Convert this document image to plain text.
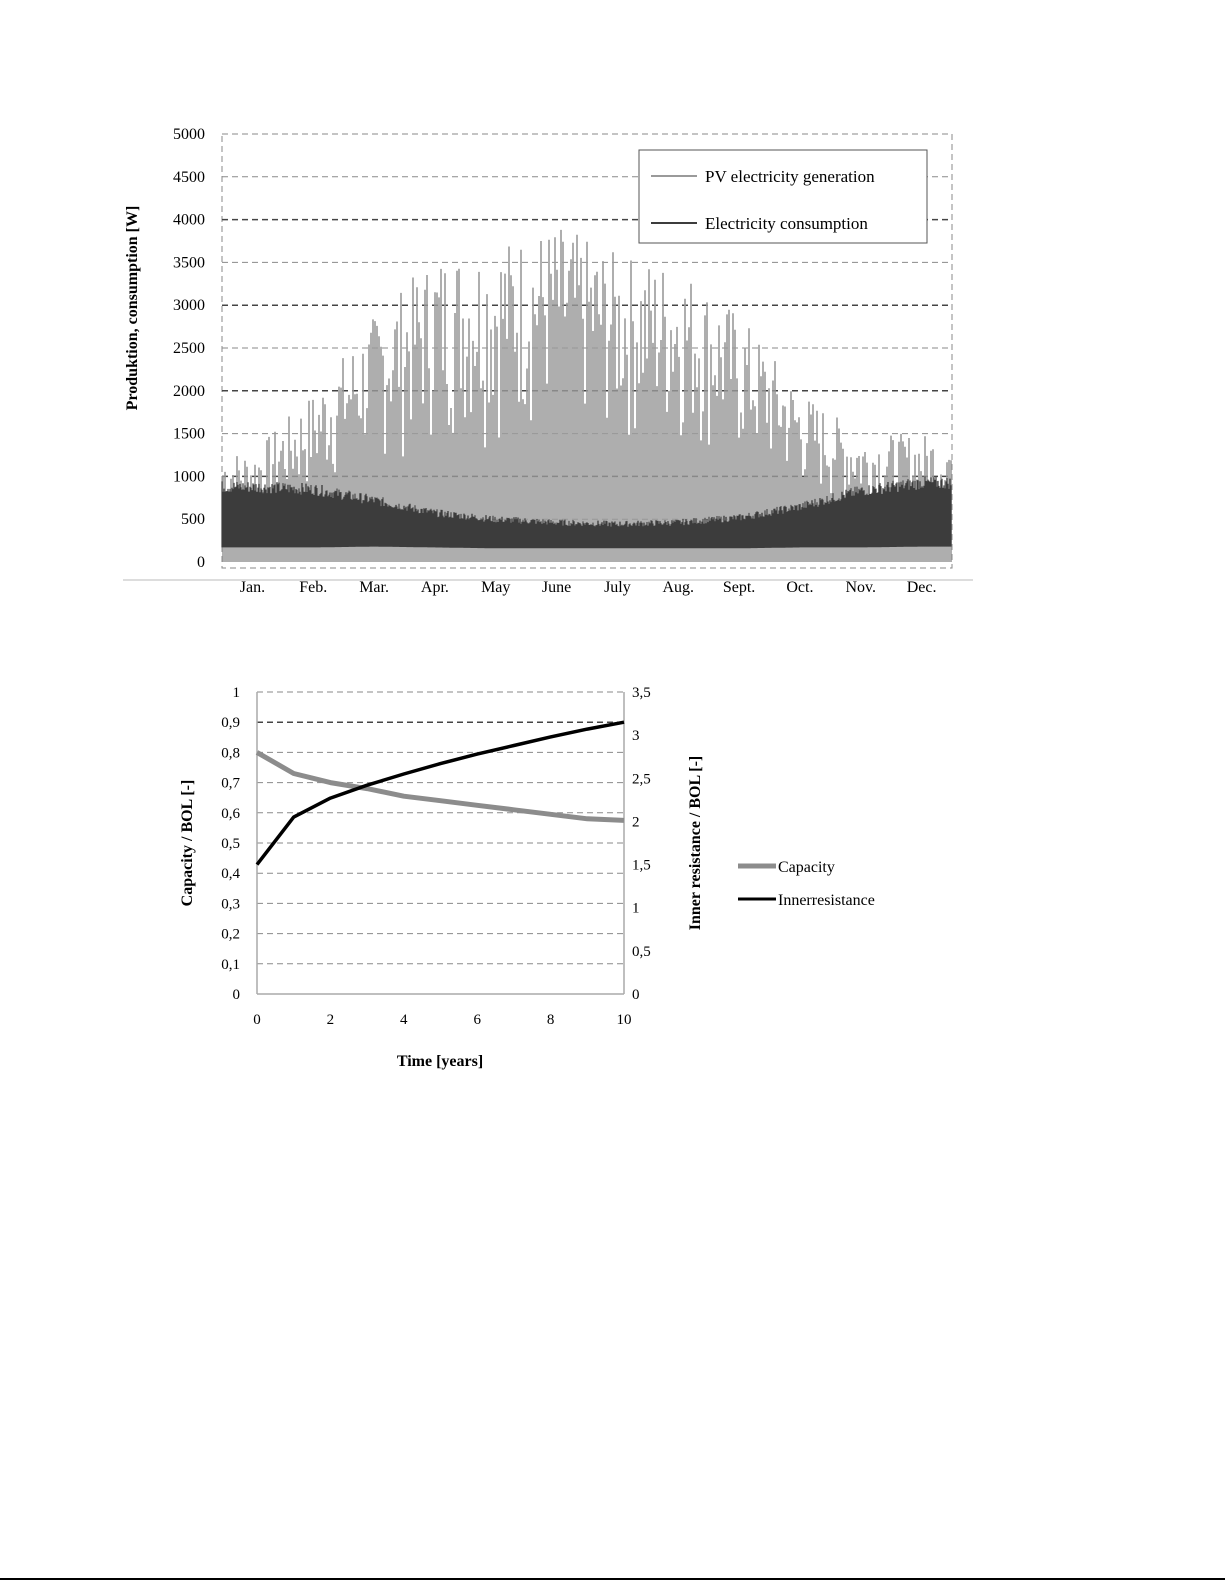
0
500
1000
1500
2000
2500
3000
3500
4000
4500
5000
Jan. Feb. Mar. Apr. May June July Aug. Sept. Oct. Nov. Dec.
Produktion, consumption [W]
PV electricity generation
Electricity consumption
0
0,1
0,2
0,3
0,4
0,5
0,6
0,7
0,8
0,9
1
0
0,5
1
1,5
2
2,5
3
3,5
0	2	4	6	8	10
Time [years]
Capacity / BOL [-]	Inner resistance / BOL [-]	Capacity
Innerresistance
